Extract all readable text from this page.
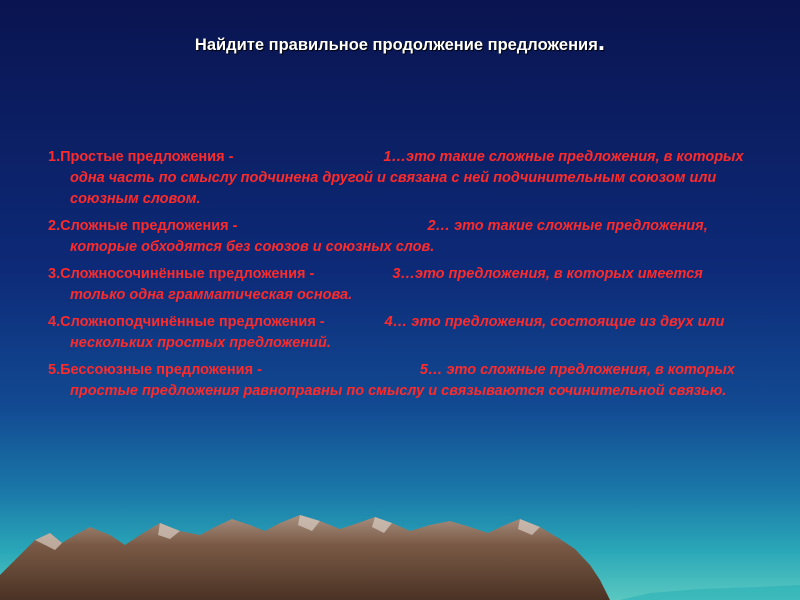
Найдите правильное продолжение предложения.
1.Простые предложения -	1…это такие сложные предложения, в которых одна часть по смыслу подчинена другой и связана с ней подчинительным союзом или союзным словом.
2.Сложные предложения -	2… это такие сложные предложения, которые обходятся без союзов и союзных слов.
3.Сложносочинённые предложения -	3…это предложения, в которых имеется только одна грамматическая основа.
4.Сложноподчинённые предложения -	4… это предложения, состоящие из двух или нескольких простых предложений.
5.Бессоюзные предложения -	5… это сложные предложения, в которых простые предложения равноправны по смыслу и связываются сочинительной связью.
